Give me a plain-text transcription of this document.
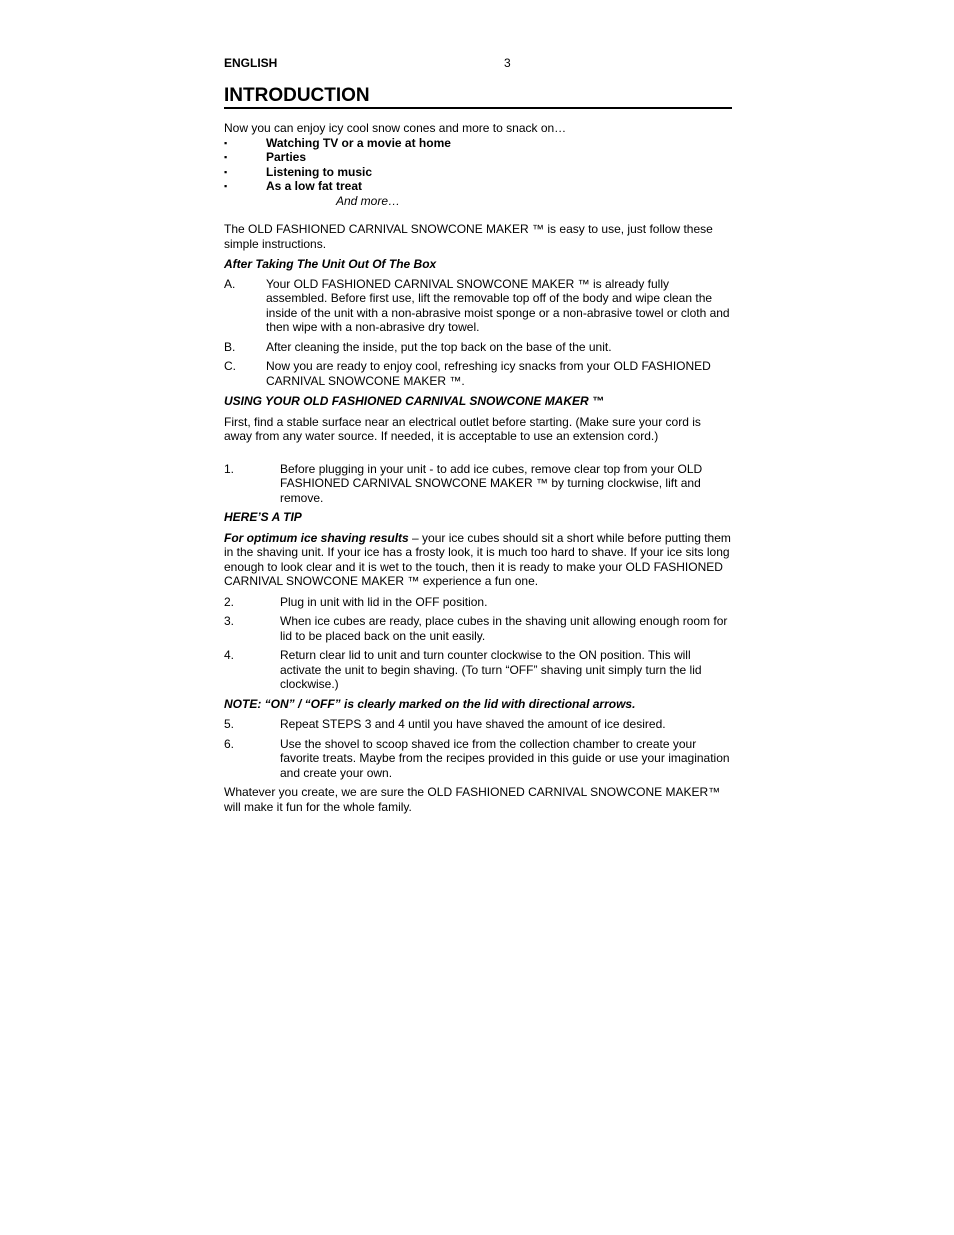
ENGLISH	3
INTRODUCTION

Now you can enjoy icy cool snow cones and more to snack on…

▪	Watching TV or a movie at home
▪	Parties
▪	Listening to music
▪	As a low fat treat

And more…

The OLD FASHIONED CARNIVAL SNOWCONE MAKER ™ is easy to use, just follow these simple instructions.

After Taking The Unit Out Of The Box

A.	Your OLD FASHIONED CARNIVAL SNOWCONE MAKER ™ is already fully assembled. Before first use, lift the removable top off of the body and wipe clean the inside of the unit with a non-abrasive moist sponge or a non-abrasive towel or cloth and then wipe with a non-abrasive dry towel.
B.	After cleaning the inside, put the top back on the base of the unit.
C.	Now you are ready to enjoy cool, refreshing icy snacks from your OLD FASHIONED CARNIVAL SNOWCONE MAKER ™.

USING YOUR OLD FASHIONED CARNIVAL SNOWCONE MAKER ™

First, find a stable surface near an electrical outlet before starting. (Make sure your cord is away from any water source. If needed, it is acceptable to use an extension cord.)

1.	Before plugging in your unit - to add ice cubes, remove clear top from your OLD FASHIONED CARNIVAL SNOWCONE MAKER ™ by turning clockwise, lift and remove.

HERE’S A TIP

For optimum ice shaving results – your ice cubes should sit a short while before putting them in the shaving unit. If your ice has a frosty look, it is much too hard to shave. If your ice sits long enough to look clear and it is wet to the touch, then it is ready to make your OLD FASHIONED CARNIVAL SNOWCONE MAKER ™ experience a fun one.

2.	Plug in unit with lid in the OFF position.
3.	When ice cubes are ready, place cubes in the shaving unit allowing enough room for lid to be placed back on the unit easily.
4.	Return clear lid to unit and turn counter clockwise to the ON position. This will activate the unit to begin shaving. (To turn “OFF” shaving unit simply turn the lid clockwise.)

NOTE: “ON” / “OFF” is clearly marked on the lid with directional arrows.

5.	Repeat STEPS 3 and 4 until you have shaved the amount of ice desired.
6.	Use the shovel to scoop shaved ice from the collection chamber to create your favorite treats. Maybe from the recipes provided in this guide or use your imagination and create your own.

Whatever you create, we are sure the OLD FASHIONED CARNIVAL SNOWCONE MAKER™ will make it fun for the whole family.
